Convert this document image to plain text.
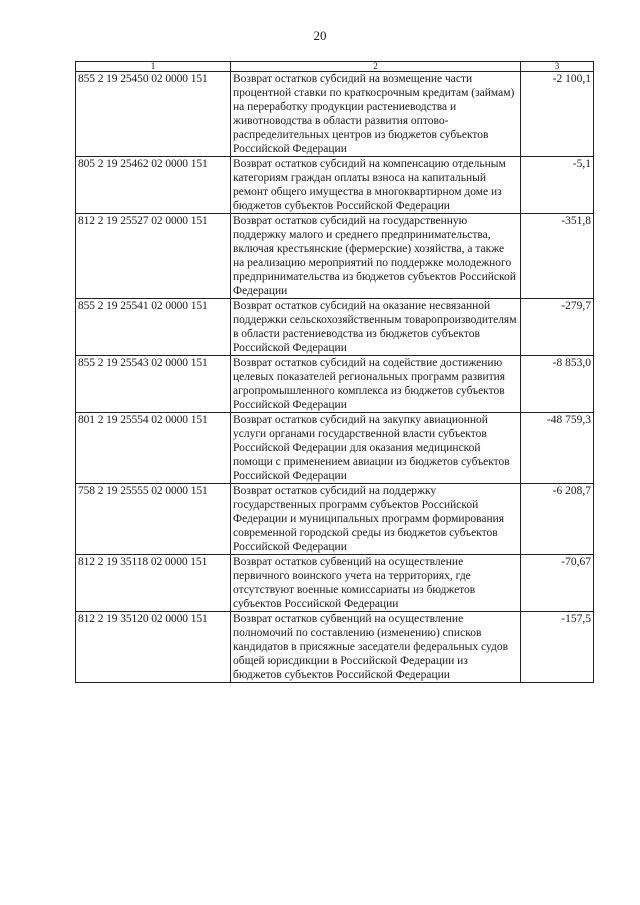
20
1	2	3
855 2 19 25450 02 0000 151	Возврат остатков субсидий на возмещение части процентной ставки по краткосрочным кредитам (займам) на переработку продукции растениеводства и животноводства в области развития оптово-распределительных центров из бюджетов субъектов Российской Федерации	-2 100,1
805 2 19 25462 02 0000 151	Возврат остатков субсидий на компенсацию отдельным категориям граждан оплаты взноса на капитальный ремонт общего имущества в многоквартирном доме из бюджетов субъектов Российской Федерации	-5,1
812 2 19 25527 02 0000 151	Возврат остатков субсидий на государственную поддержку малого и среднего предпринимательства, включая крестьянские (фермерские) хозяйства, а также на реализацию мероприятий по поддержке молодежного предпринимательства из бюджетов субъектов Российской Федерации	-351,8
855 2 19 25541 02 0000 151	Возврат остатков субсидий на оказание несвязанной поддержки сельскохозяйственным товаропроизводителям в области растениеводства из бюджетов субъектов Российской Федерации	-279,7
855 2 19 25543 02 0000 151	Возврат остатков субсидий на содействие достижению целевых показателей региональных программ развития агропромышленного комплекса из бюджетов субъектов Российской Федерации	-8 853,0
801 2 19 25554 02 0000 151	Возврат остатков субсидий на закупку авиационной услуги органами государственной власти субъектов Российской Федерации для оказания медицинской помощи с применением авиации из бюджетов субъектов Российской Федерации	-48 759,3
758 2 19 25555 02 0000 151	Возврат остатков субсидий на поддержку государственных программ субъектов Российской Федерации и муниципальных программ формирования современной городской среды из бюджетов субъектов Российской Федерации	-6 208,7
812 2 19 35118 02 0000 151	Возврат остатков субвенций на осуществление первичного воинского учета на территориях, где отсутствуют военные комиссариаты из бюджетов субъектов Российской Федерации	-70,67
812 2 19 35120 02 0000 151	Возврат остатков субвенций на осуществление полномочий по составлению (изменению) списков кандидатов в присяжные заседатели федеральных судов общей юрисдикции в Российской Федерации из бюджетов субъектов Российской Федерации	-157,5
